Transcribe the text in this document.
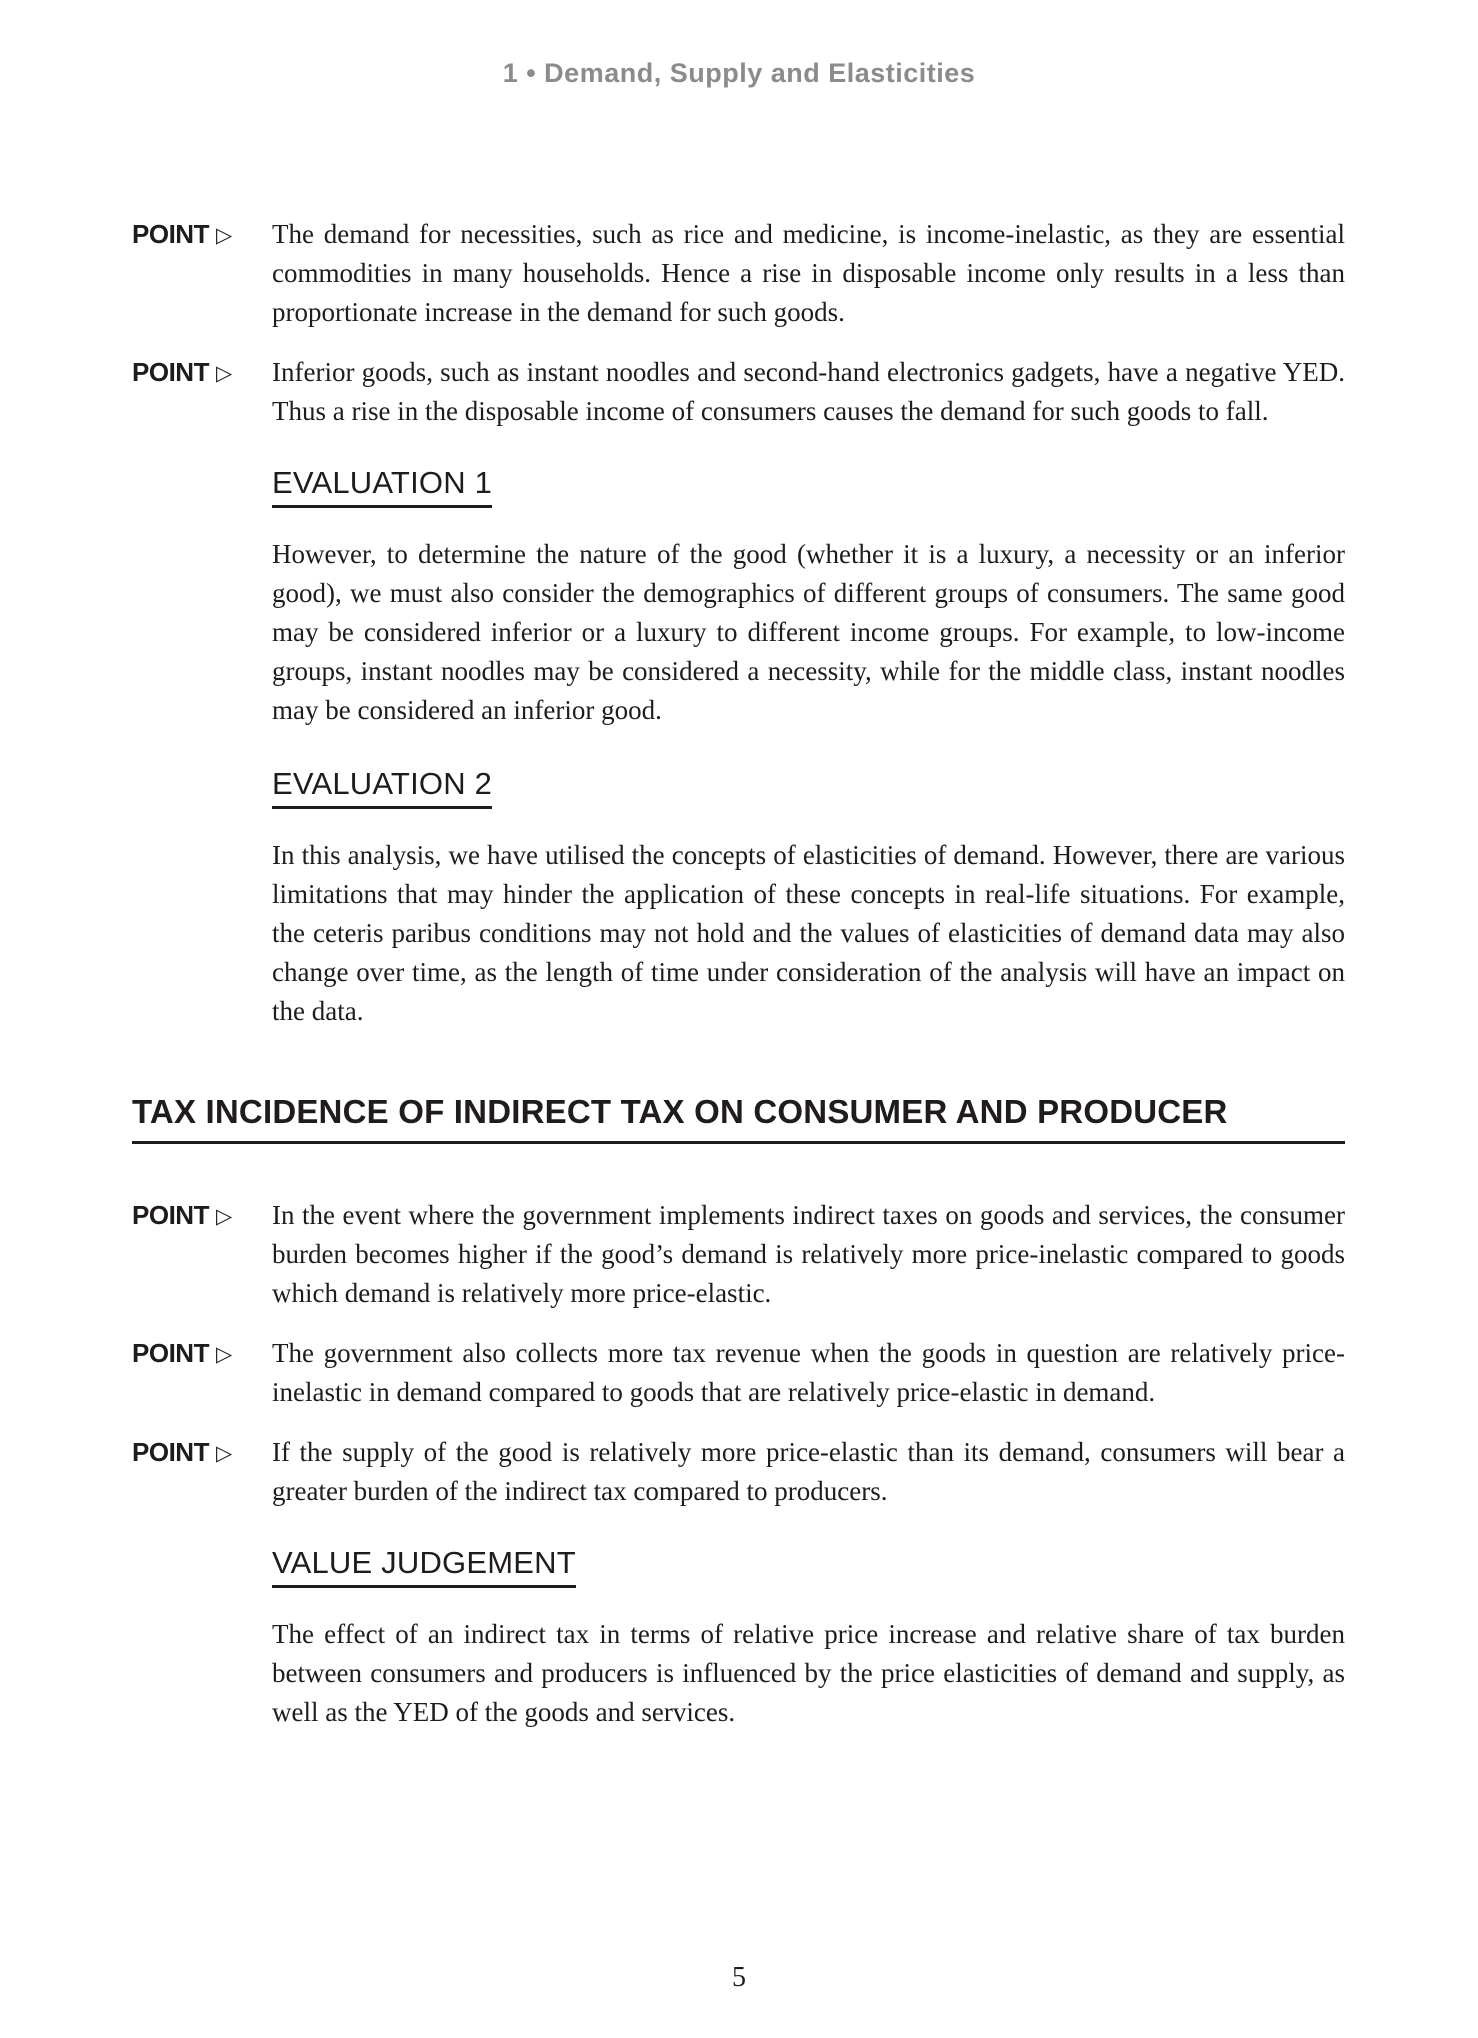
1 • Demand, Supply and Elasticities
POINT ▷	The demand for necessities, such as rice and medicine, is income-inelastic, as they are essential commodities in many households. Hence a rise in disposable income only results in a less than proportionate increase in the demand for such goods.

POINT ▷	Inferior goods, such as instant noodles and second-hand electronics gadgets, have a negative YED. Thus a rise in the disposable income of consumers causes the demand for such goods to fall.

EVALUATION 1

However, to determine the nature of the good (whether it is a luxury, a necessity or an inferior good), we must also consider the demographics of different groups of consumers. The same good may be considered inferior or a luxury to different income groups. For example, to low-income groups, instant noodles may be considered a necessity, while for the middle class, instant noodles may be considered an inferior good.

EVALUATION 2

In this analysis, we have utilised the concepts of elasticities of demand. However, there are various limitations that may hinder the application of these concepts in real-life situations. For example, the ceteris paribus conditions may not hold and the values of elasticities of demand data may also change over time, as the length of time under consideration of the analysis will have an impact on the data.

TAX INCIDENCE OF INDIRECT TAX ON CONSUMER AND PRODUCER
POINT ▷	In the event where the government implements indirect taxes on goods and services, the consumer burden becomes higher if the good’s demand is relatively more price-inelastic compared to goods which demand is relatively more price-elastic.

POINT ▷	The government also collects more tax revenue when the goods in question are relatively price-inelastic in demand compared to goods that are relatively price-elastic in demand.

POINT ▷	If the supply of the good is relatively more price-elastic than its demand, consumers will bear a greater burden of the indirect tax compared to producers.

VALUE JUDGEMENT

The effect of an indirect tax in terms of relative price increase and relative share of tax burden between consumers and producers is influenced by the price elasticities of demand and supply, as well as the YED of the goods and services.

5
